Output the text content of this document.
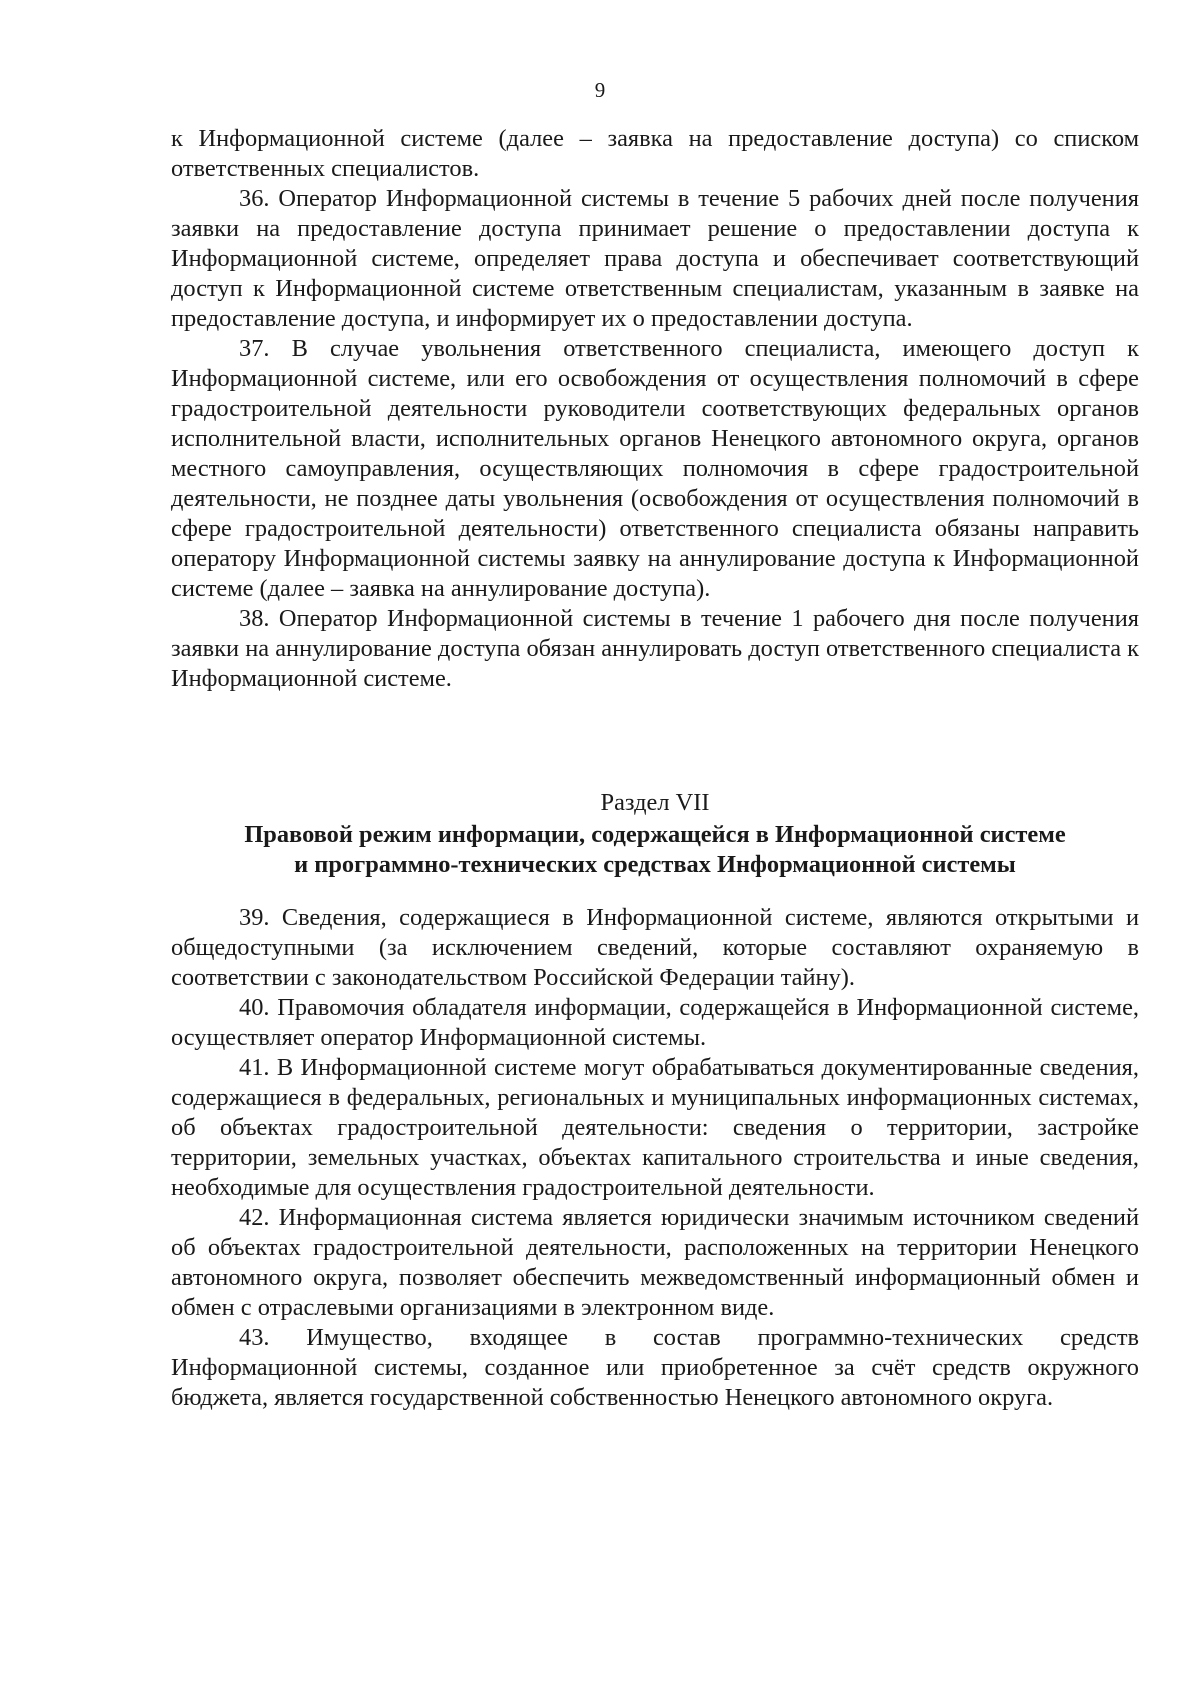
9

к Информационной системе (далее – заявка на предоставление доступа) со списком ответственных специалистов.

36. Оператор Информационной системы в течение 5 рабочих дней после получения заявки на предоставление доступа принимает решение о предоставлении доступа к Информационной системе, определяет права доступа и обеспечивает соответствующий доступ к Информационной системе ответственным специалистам, указанным в заявке на предоставление доступа, и информирует их о предоставлении доступа.

37. В случае увольнения ответственного специалиста, имеющего доступ к Информационной системе, или его освобождения от осуществления полномочий в сфере градостроительной деятельности руководители соответствующих федеральных органов исполнительной власти, исполнительных органов Ненецкого автономного округа, органов местного самоуправления, осуществляющих полномочия в сфере градостроительной деятельности, не позднее даты увольнения (освобождения от осуществления полномочий в сфере градостроительной деятельности) ответственного специалиста обязаны направить оператору Информационной системы заявку на аннулирование доступа к Информационной системе (далее – заявка на аннулирование доступа).

38. Оператор Информационной системы в течение 1 рабочего дня после получения заявки на аннулирование доступа обязан аннулировать доступ ответственного специалиста к Информационной системе.

Раздел VII
Правовой режим информации, содержащейся в Информационной системе
и программно-технических средствах Информационной системы

39. Сведения, содержащиеся в Информационной системе, являются открытыми и общедоступными (за исключением сведений, которые составляют охраняемую в соответствии с законодательством Российской Федерации тайну).

40. Правомочия обладателя информации, содержащейся в Информационной системе, осуществляет оператор Информационной системы.

41. В Информационной системе могут обрабатываться документированные сведения, содержащиеся в федеральных, региональных и муниципальных информационных системах, об объектах градостроительной деятельности: сведения о территории, застройке территории, земельных участках, объектах капитального строительства и иные сведения, необходимые для осуществления градостроительной деятельности.

42. Информационная система является юридически значимым источником сведений об объектах градостроительной деятельности, расположенных на территории Ненецкого автономного округа, позволяет обеспечить межведомственный информационный обмен и обмен с отраслевыми организациями в электронном виде.

43. Имущество, входящее в состав программно-технических средств Информационной системы, созданное или приобретенное за счёт средств окружного бюджета, является государственной собственностью Ненецкого автономного округа.
